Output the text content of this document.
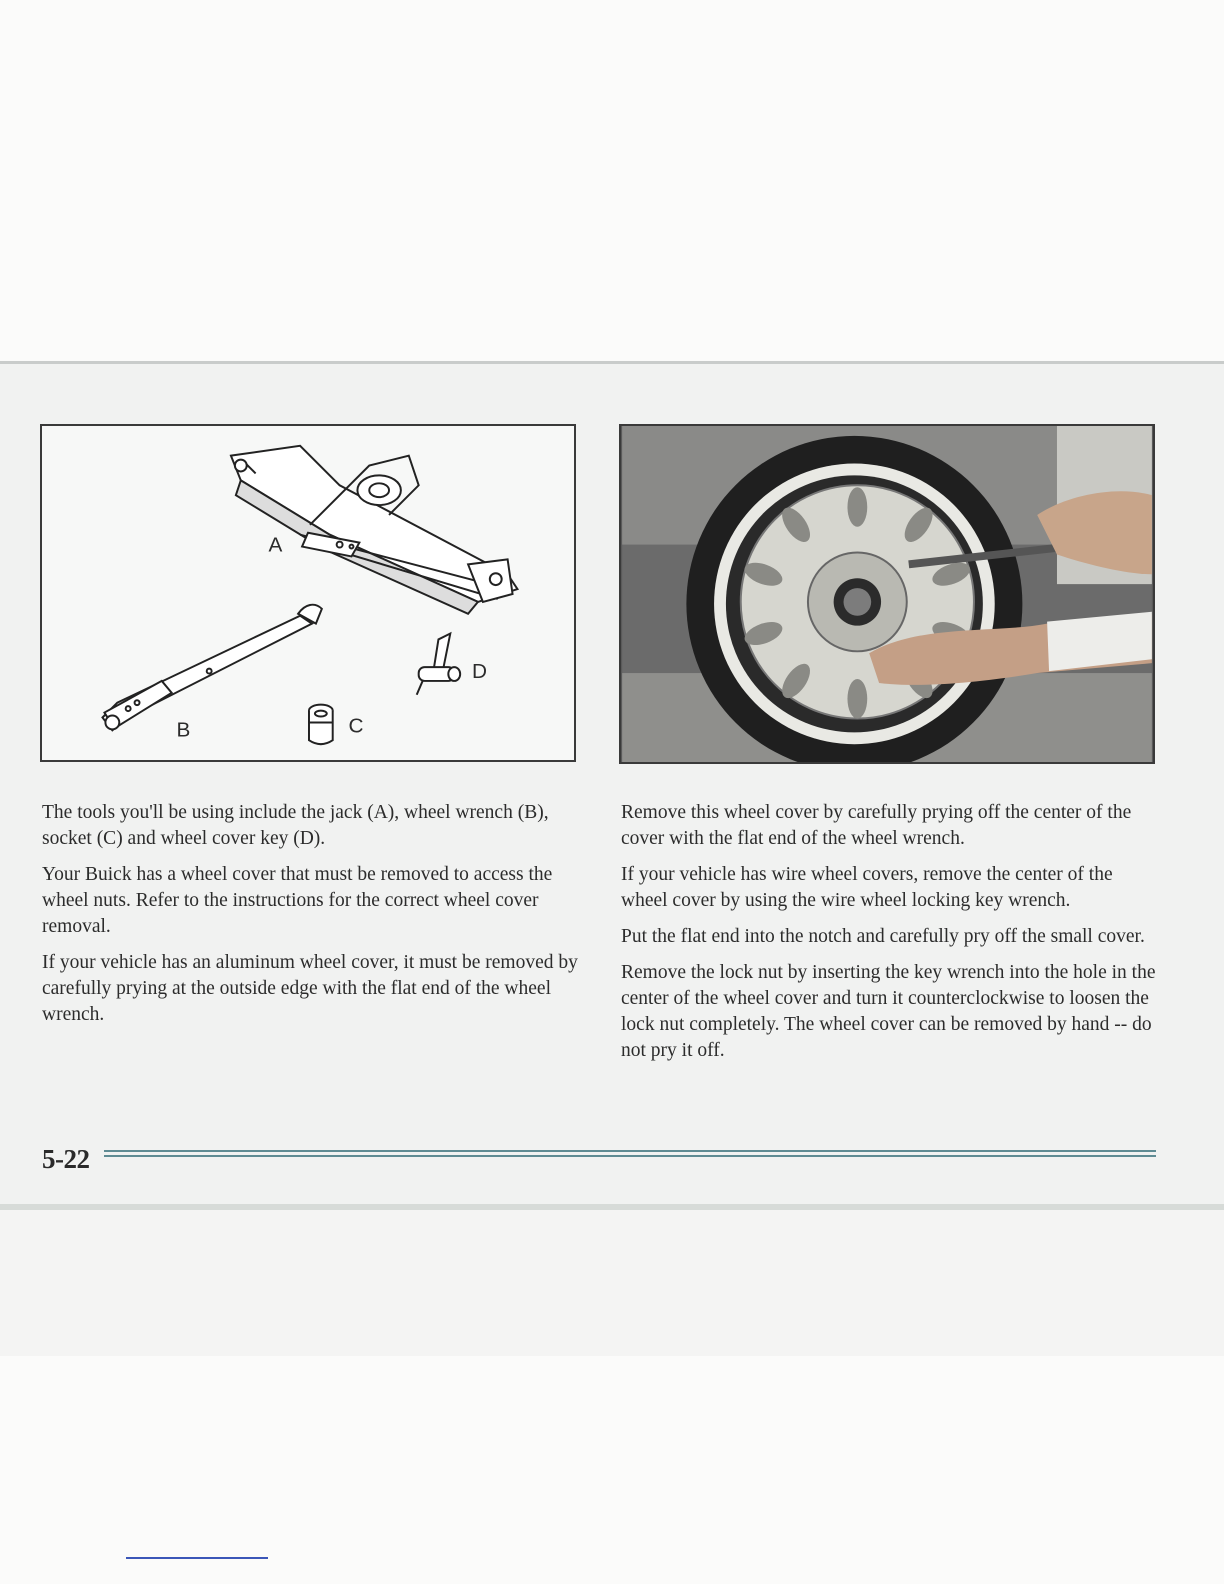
A
B	C
D

The tools you'll be using include the jack (A), wheel wrench (B), socket (C) and wheel cover key (D).

Your Buick has a wheel cover that must be removed to access the wheel nuts. Refer to the instructions for the correct wheel cover removal.

If your vehicle has an aluminum wheel cover, it must be removed by carefully prying at the outside edge with the flat end of the wheel wrench.

Remove this wheel cover by carefully prying off the center of the cover with the flat end of the wheel wrench.

If your vehicle has wire wheel covers, remove the center of the wheel cover by using the wire wheel locking key wrench.

Put the flat end into the notch and carefully pry off the small cover.

Remove the lock nut by inserting the key wrench into the hole in the center of the wheel cover and turn it counterclockwise to loosen the lock nut completely. The wheel cover can be removed by hand -- do not pry it off.

5-22
